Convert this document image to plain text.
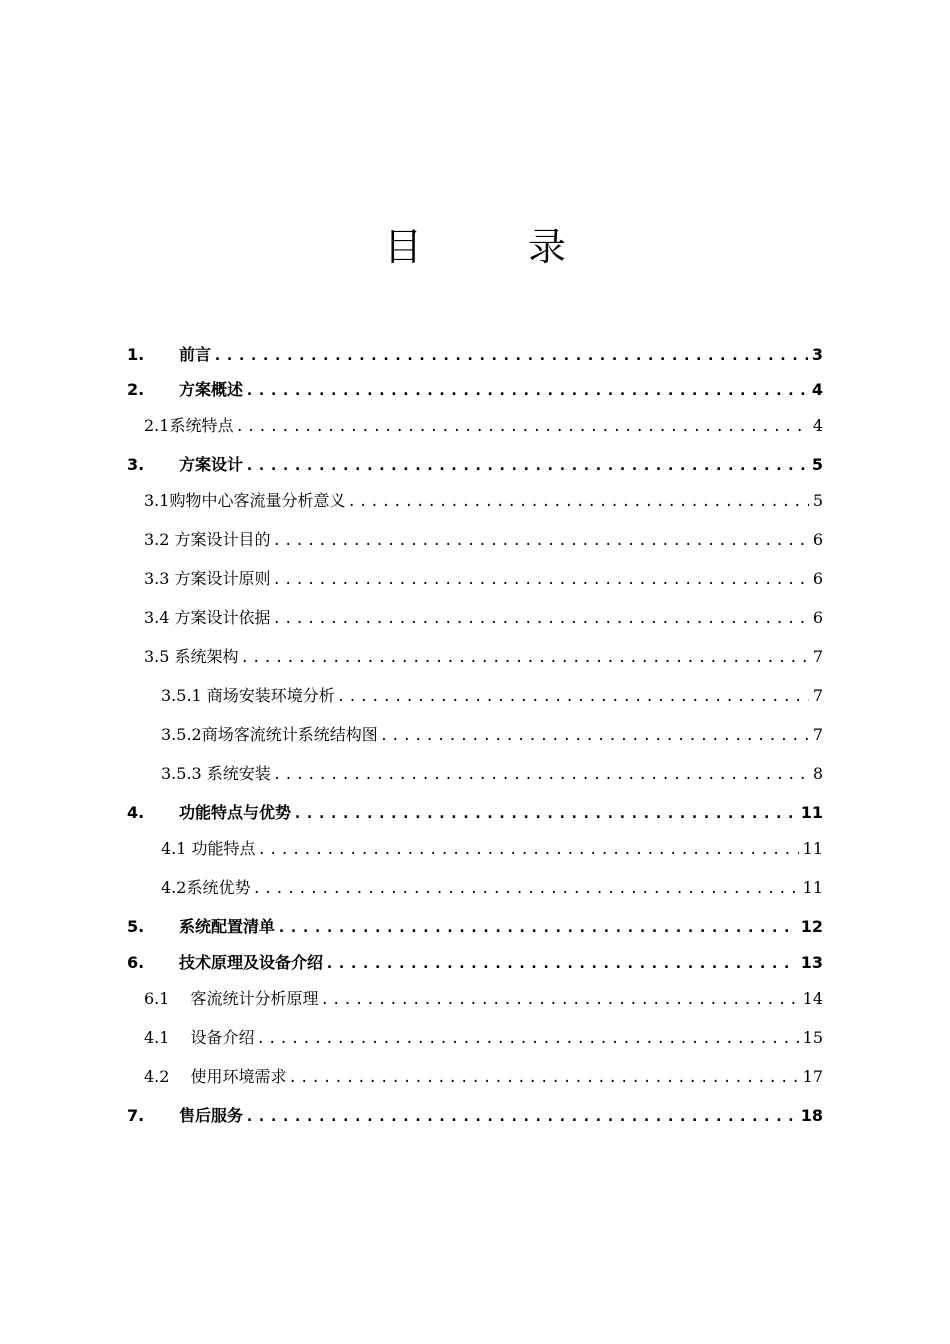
目　录
1.	前言 .....	3
2.	方案概述 .....	4
2.1系统特点 .....	4
3.	方案设计 .....	5
3.1购物中心客流量分析意义 .....	5
3.2 方案设计目的 .....	6
3.3 方案设计原则 .....	6
3.4 方案设计依据 .....	6
3.5 系统架构 .....	7
3.5.1 商场安装环境分析 .....	7
3.5.2商场客流统计系统结构图 .....	7
3.5.3 系统安装 .....	8
4.	功能特点与优势 .....	11
4.1 功能特点 .....	11
4.2系统优势 .....	11
5.	系统配置清单 .....	12
6.	技术原理及设备介绍 .....	13
6.1　 客流统计分析原理 .....	14
4.1　 设备介绍 .....	15
4.2　 使用环境需求 .....	17
7.	售后服务 .....	18
